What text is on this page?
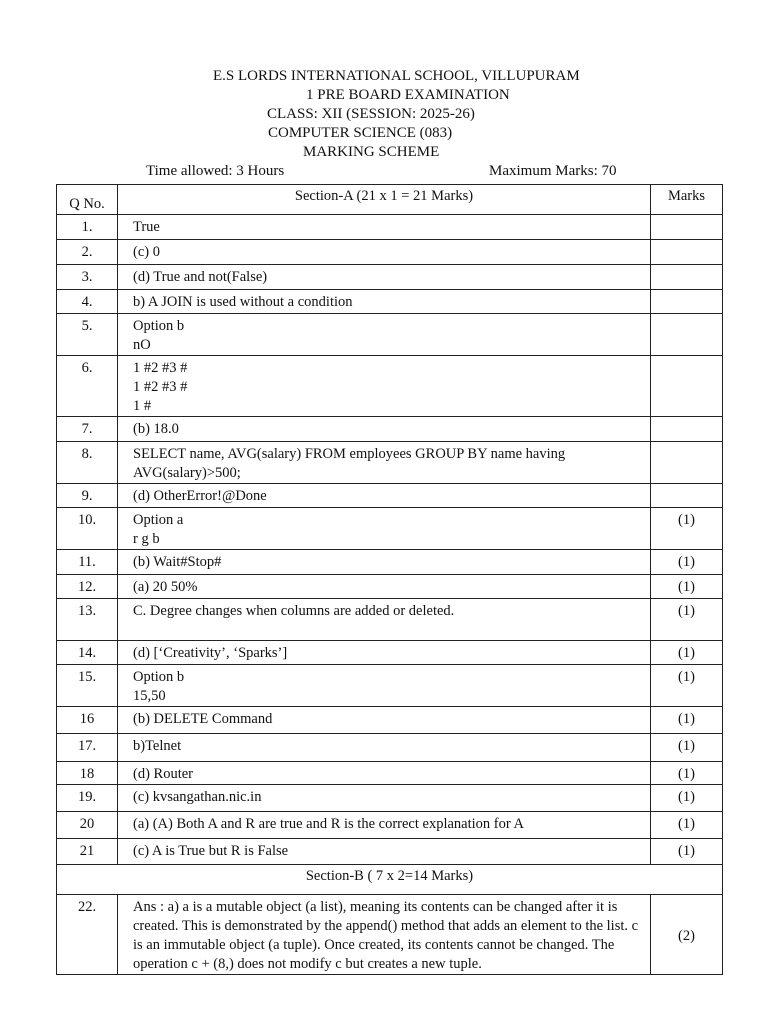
E.S LORDS INTERNATIONAL SCHOOL, VILLUPURAM
1 PRE BOARD EXAMINATION
CLASS: XII (SESSION: 2025-26)
COMPUTER SCIENCE (083)
MARKING SCHEME
Time allowed: 3 Hours	Maximum Marks: 70
Q No.	Section-A (21 x 1 = 21 Marks)	Marks
1.	True	

2.	(c) 0	

3.	(d) True and not(False)	

4.	b) A JOIN is used without a condition	

5.	Option b
nO	

6.	1 #2 #3 #
1 #2 #3 #
1 #	

7.	(b) 18.0	

8.	SELECT name, AVG(salary) FROM employees GROUP BY name having
AVG(salary)>500;	

9.	(d) OtherError!@Done	

10.	Option a
r g b	(1)
11.	(b) Wait#Stop#	(1)
12.	(a) 20 50%	(1)
13.	C. Degree changes when columns are added or deleted.	(1)
14.	(d) [‘Creativity’, ‘Sparks’]	(1)
15.	Option b
15,50	(1)
16	(b) DELETE Command	(1)
17.	b)Telnet	(1)
18	(d) Router	(1)
19.	(c) kvsangathan.nic.in	(1)
20	(a) (A) Both A and R are true and R is the correct explanation for A	(1)
21	(c) A is True but R is False	(1)
Section-B ( 7 x 2=14 Marks)		
22.	Ans : a) a is a mutable object (a list), meaning its contents can be changed after it is created. This is demonstrated by the append() method that adds an element to the list. c is an immutable object (a tuple). Once created, its contents cannot be changed. The operation c + (8,) does not modify c but creates a new tuple.	(2)
